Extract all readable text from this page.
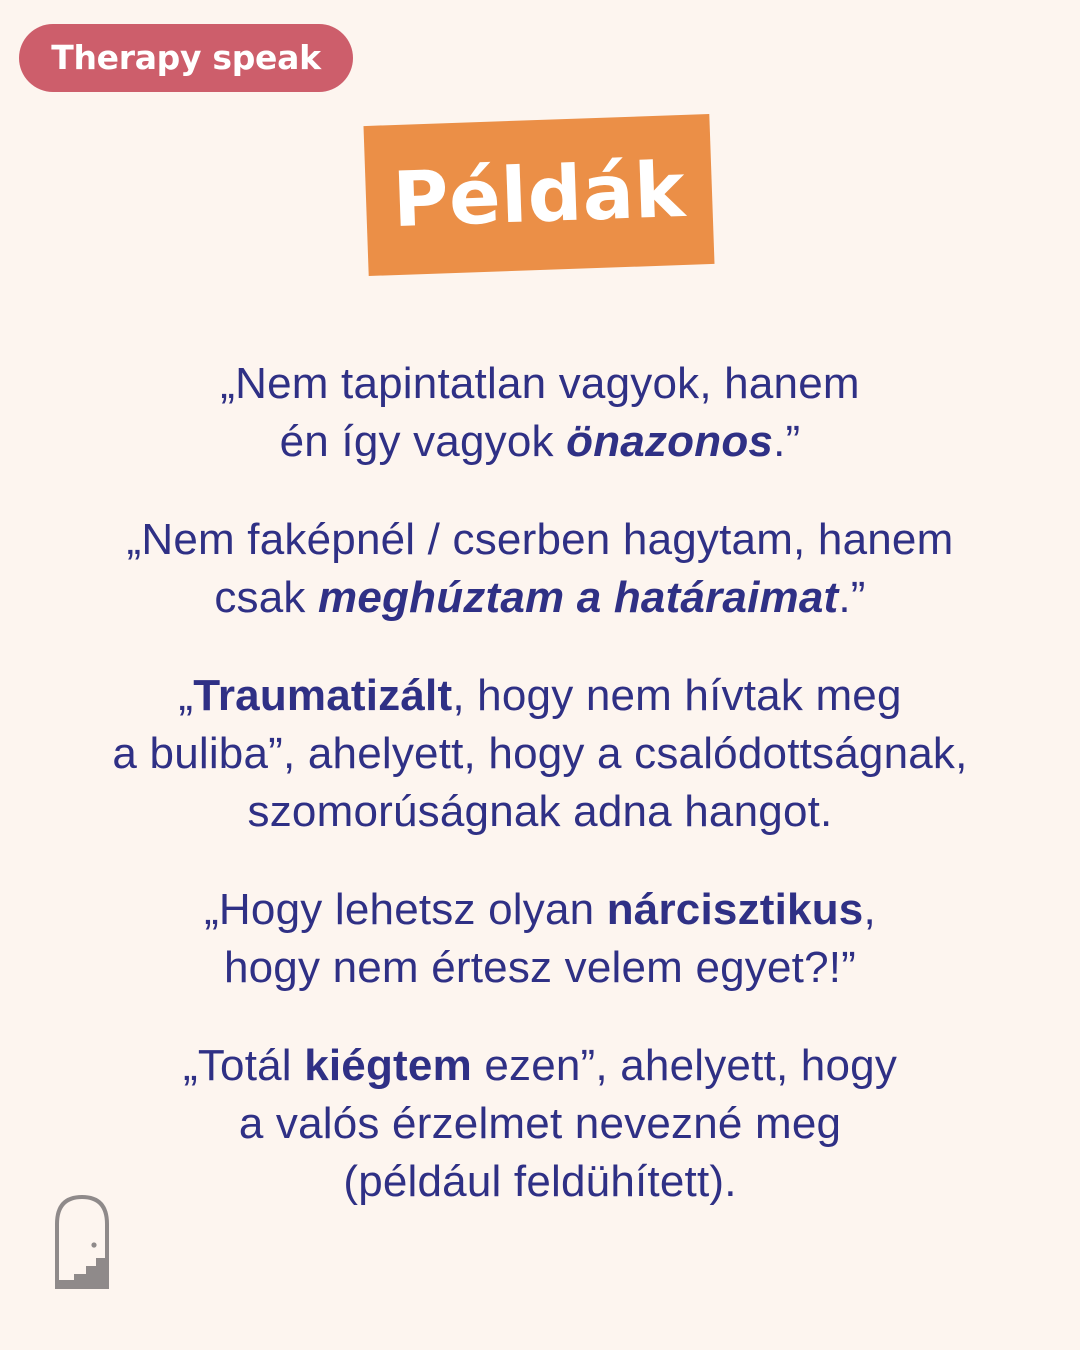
Therapy speak
Példák
„Nem tapintatlan vagyok, hanem
én így vagyok önazonos.”
„Nem faképnél / cserben hagytam, hanem
csak meghúztam a határaimat.”
„Traumatizált, hogy nem hívtak meg
a buliba”, ahelyett, hogy a csalódottságnak,
szomorúságnak adna hangot.
„Hogy lehetsz olyan nárcisztikus,
hogy nem értesz velem egyet?!”
„Totál kiégtem ezen”, ahelyett, hogy
a valós érzelmet nevezné meg
(például feldühített).
